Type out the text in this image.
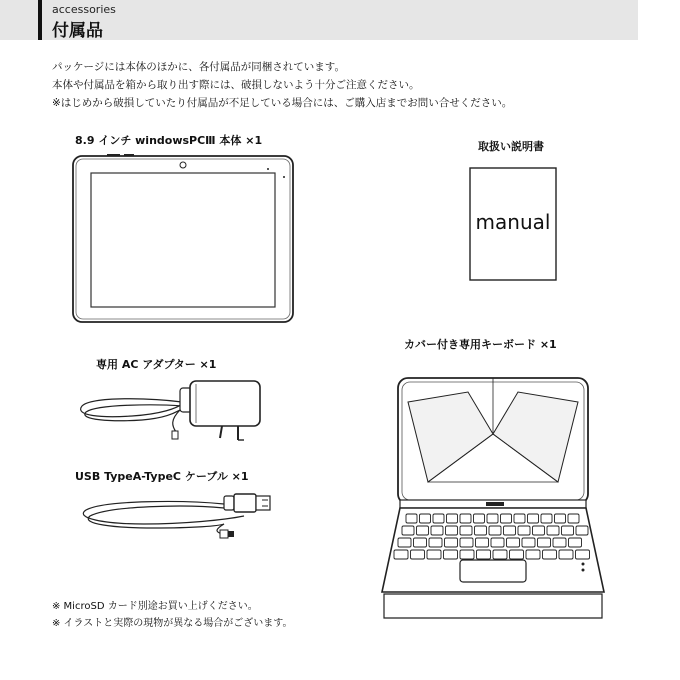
accessories
付属品
パッケージには本体のほかに、各付属品が同梱されています。
本体や付属品を箱から取り出す際には、破損しないよう十分ご注意ください。
※はじめから破損していたり付属品が不足している場合には、ご購入店までお問い合せください。
8.9 インチ windowsPCⅢ 本体 ×1	取扱い説明書
manual
専用 AC アダプター ×1
USB TypeA-TypeC ケーブル ×1
カバー付き専用キーボード ×1
※ MicroSD カード別途お買い上げください。
※ イラストと実際の現物が異なる場合がございます。
